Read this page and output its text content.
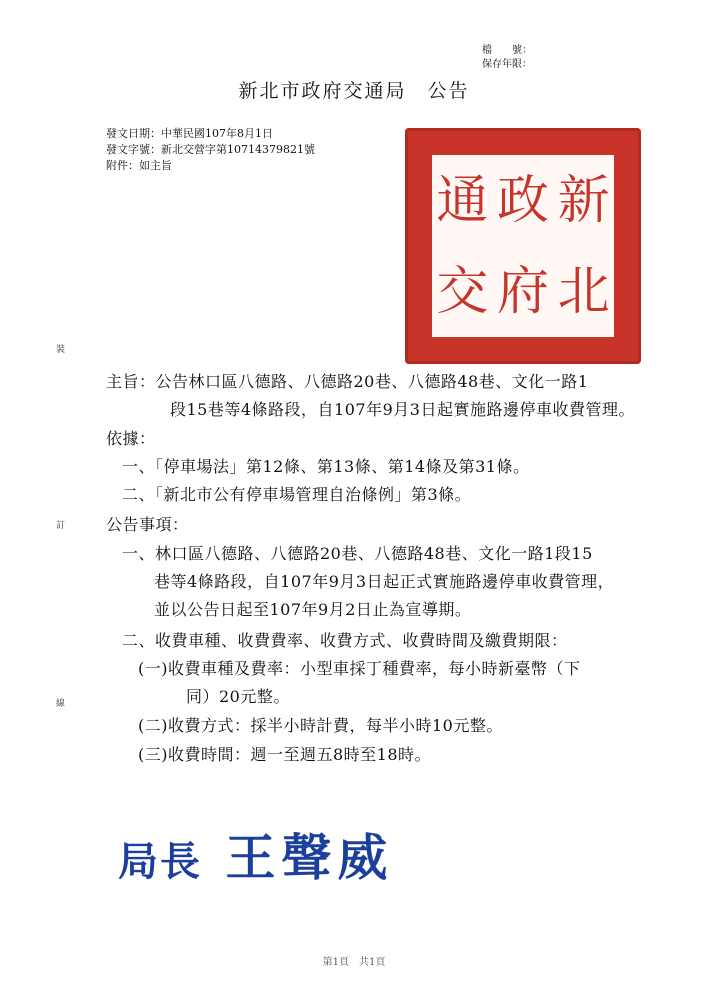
檔　　號：
保存年限：
新北市政府交通局　公告
發文日期：中華民國107年8月1日
發文字號：新北交營字第10714379821號
附件：如主旨
通 政 新
交 府 北
裝
訂
線
主旨：公告林口區八德路、八德路20巷、八德路48巷、文化一路1
段15巷等4條路段，自107年9月3日起實施路邊停車收費管理。
依據：
一、「停車場法」第12條、第13條、第14條及第31條。
二、「新北市公有停車場管理自治條例」第3條。
公告事項：
一、林口區八德路、八德路20巷、八德路48巷、文化一路1段15
巷等4條路段，自107年9月3日起正式實施路邊停車收費管理，
並以公告日起至107年9月2日止為宣導期。
二、收費車種、收費費率、收費方式、收費時間及繳費期限：
(一)收費車種及費率：小型車採丁種費率，每小時新臺幣（下
同）20元整。
(二)收費方式：採半小時計費，每半小時10元整。
(三)收費時間：週一至週五8時至18時。
局長 王聲威
第1頁　共1頁
